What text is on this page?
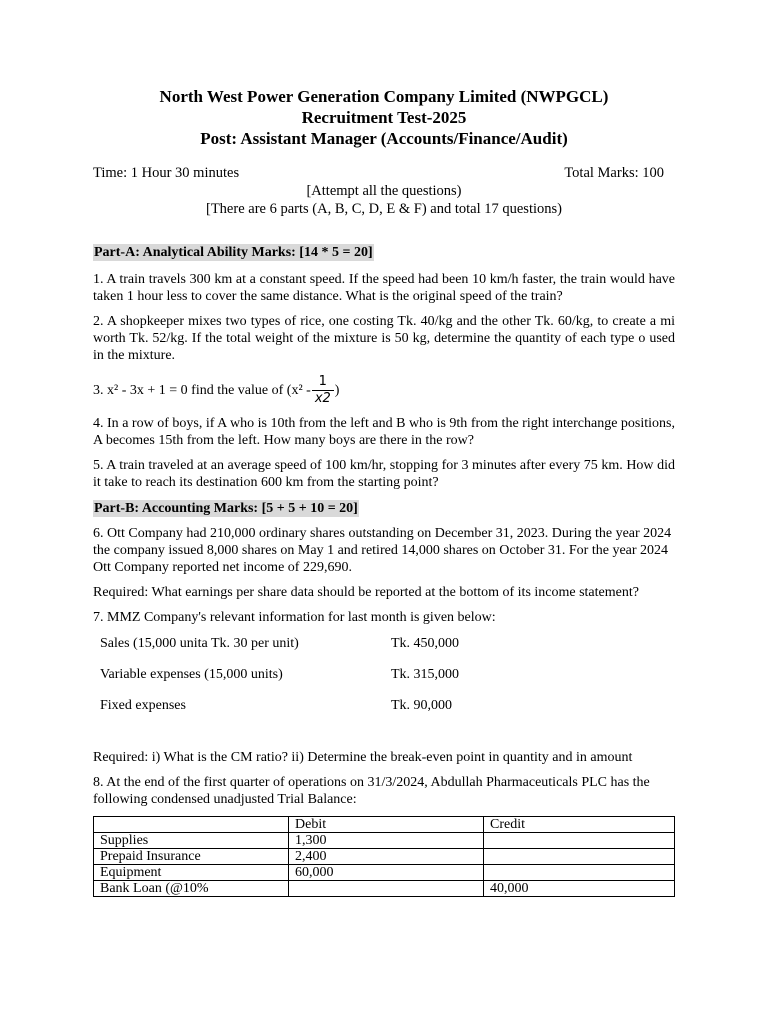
North West Power Generation Company Limited (NWPGCL)
Recruitment Test-2025
Post: Assistant Manager (Accounts/Finance/Audit)
Time: 1 Hour 30 minutes	Total Marks: 100
[Attempt all the questions)
[There are 6 parts (A, B, C, D, E & F) and total 17 questions)
Part-A: Analytical Ability Marks: [14 * 5 = 20]
1. A train travels 300 km at a constant speed. If the speed had been 10 km/h faster, the train would have taken 1 hour less to cover the same distance. What is the original speed of the train?
2. A shopkeeper mixes two types of rice, one costing Tk. 40/kg and the other Tk. 60/kg, to create a mi worth Tk. 52/kg. If the total weight of the mixture is 50 kg, determine the quantity of each type o used in the mixture.
3. x² - 3x + 1 = 0 find the value of ($x^2 - \frac{1}{x2}$ )
4. In a row of boys, if A who is 10th from the left and B who is 9th from the right interchange positions, A becomes 15th from the left. How many boys are there in the row?
5. A train traveled at an average speed of 100 km/hr, stopping for 3 minutes after every 75 km. How did it take to reach its destination 600 km from the starting point?
Part-B: Accounting Marks: [5 + 5 + 10 = 20]
6. Ott Company had 210,000 ordinary shares outstanding on December 31, 2023. During the year 2024 the company issued 8,000 shares on May 1 and retired 14,000 shares on October 31. For the year 2024 Ott Company reported net income of 229,690.
Required: What earnings per share data should be reported at the bottom of its income statement?
7. MMZ Company's relevant information for last month is given below:
Sales (15,000 unita Tk. 30 per unit)	Tk. 450,000
Variable expenses (15,000 units)	Tk. 315,000
Fixed expenses	Tk. 90,000
Required: i) What is the CM ratio? ii) Determine the break-even point in quantity and in amount
8. At the end of the first quarter of operations on 31/3/2024, Abdullah Pharmaceuticals PLC has the following condensed unadjusted Trial Balance:
	Debit	Credit
Supplies	1,300	
Prepaid Insurance	2,400	
Equipment	60,000	
Bank Loan (@10%		40,000
